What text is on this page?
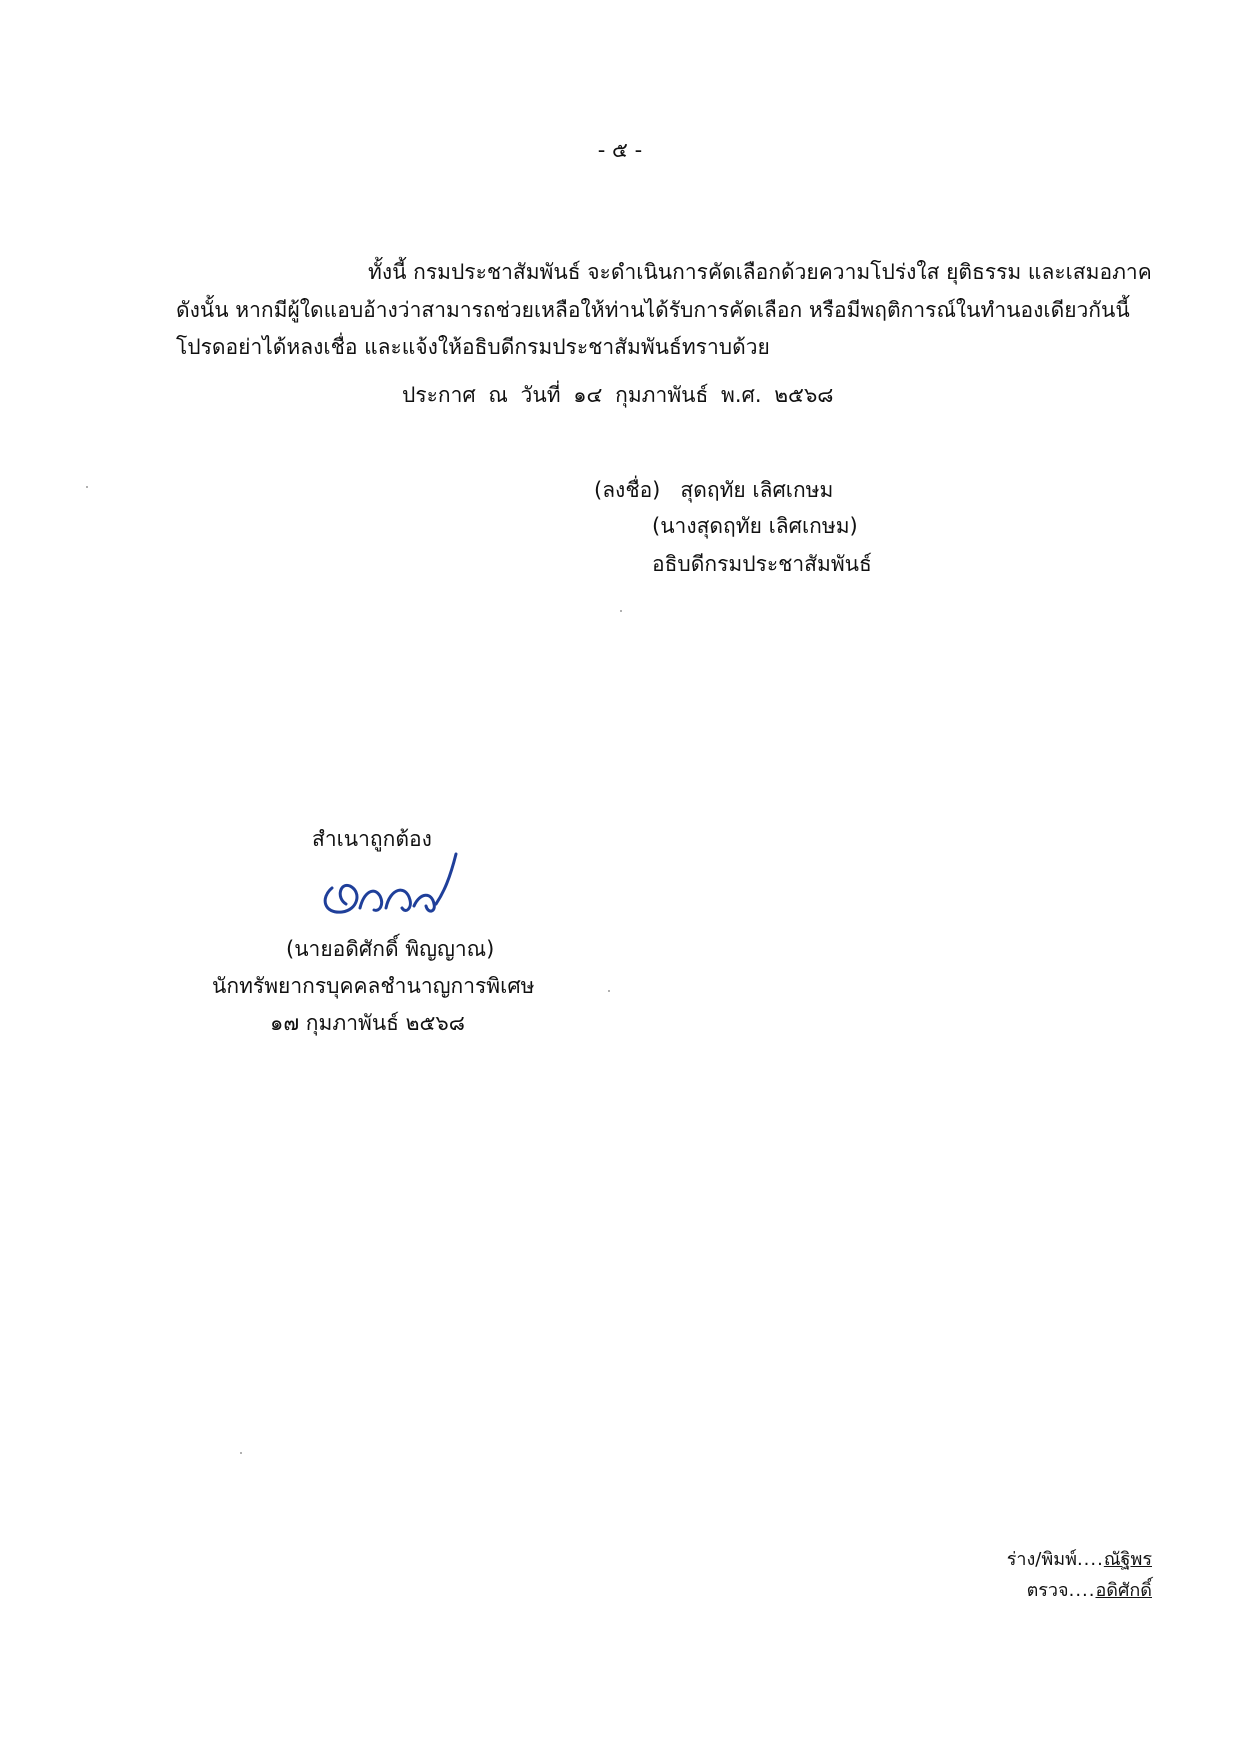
- ๕ -
ทั้งนี้ กรมประชาสัมพันธ์ จะดำเนินการคัดเลือกด้วยความโปร่งใส ยุติธรรม และเสมอภาค
ดังนั้น หากมีผู้ใดแอบอ้างว่าสามารถช่วยเหลือให้ท่านได้รับการคัดเลือก หรือมีพฤติการณ์ในทำนองเดียวกันนี้
โปรดอย่าได้หลงเชื่อ และแจ้งให้อธิบดีกรมประชาสัมพันธ์ทราบด้วย
ประกาศ ณ วันที่ ๑๔ กุมภาพันธ์ พ.ศ. ๒๕๖๘
(ลงชื่อ)   สุดฤทัย เลิศเกษม
(นางสุดฤทัย เลิศเกษม)
อธิบดีกรมประชาสัมพันธ์
สำเนาถูกต้อง
(นายอดิศักดิ์ พิญญาณ)
นักทรัพยากรบุคคลชำนาญการพิเศษ
๑๗ กุมภาพันธ์ ๒๕๖๘
ร่าง/พิมพ์....ณัฐิพร
ตรวจ....อดิศักดิ์
